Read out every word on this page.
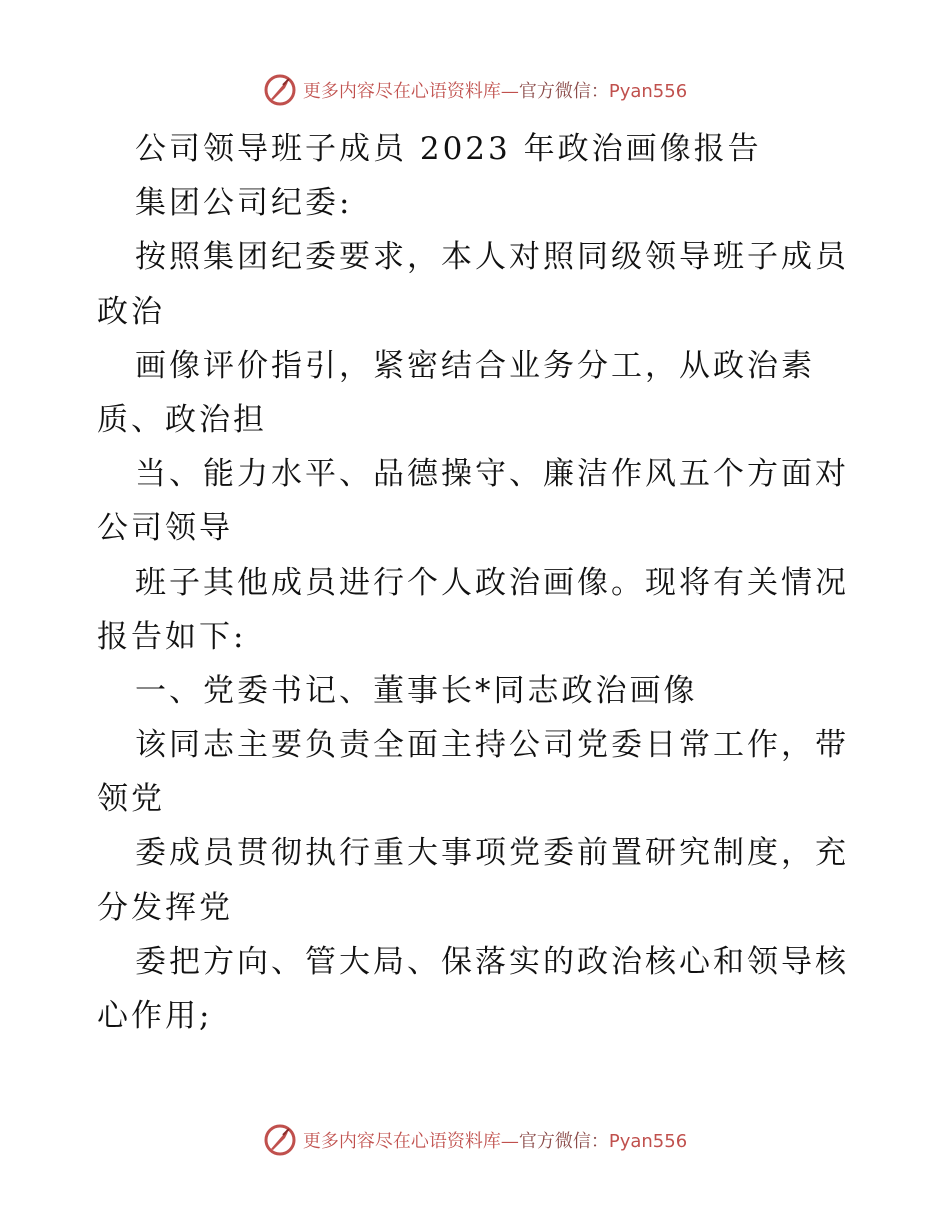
更多内容尽在心语资料库—官方微信：Pyan556
公司领导班子成员 2023 年政治画像报告
集团公司纪委:
按照集团纪委要求，本人对照同级领导班子成员
政治
画像评价指引，紧密结合业务分工，从政治素
质、政治担
当、能力水平、品德操守、廉洁作风五个方面对
公司领导
班子其他成员进行个人政治画像。现将有关情况
报告如下:
一、党委书记、董事长*同志政治画像
该同志主要负责全面主持公司党委日常工作，带
领党
委成员贯彻执行重大事项党委前置研究制度，充
分发挥党
委把方向、管大局、保落实的政治核心和领导核
心作用;
更多内容尽在心语资料库—官方微信：Pyan556
